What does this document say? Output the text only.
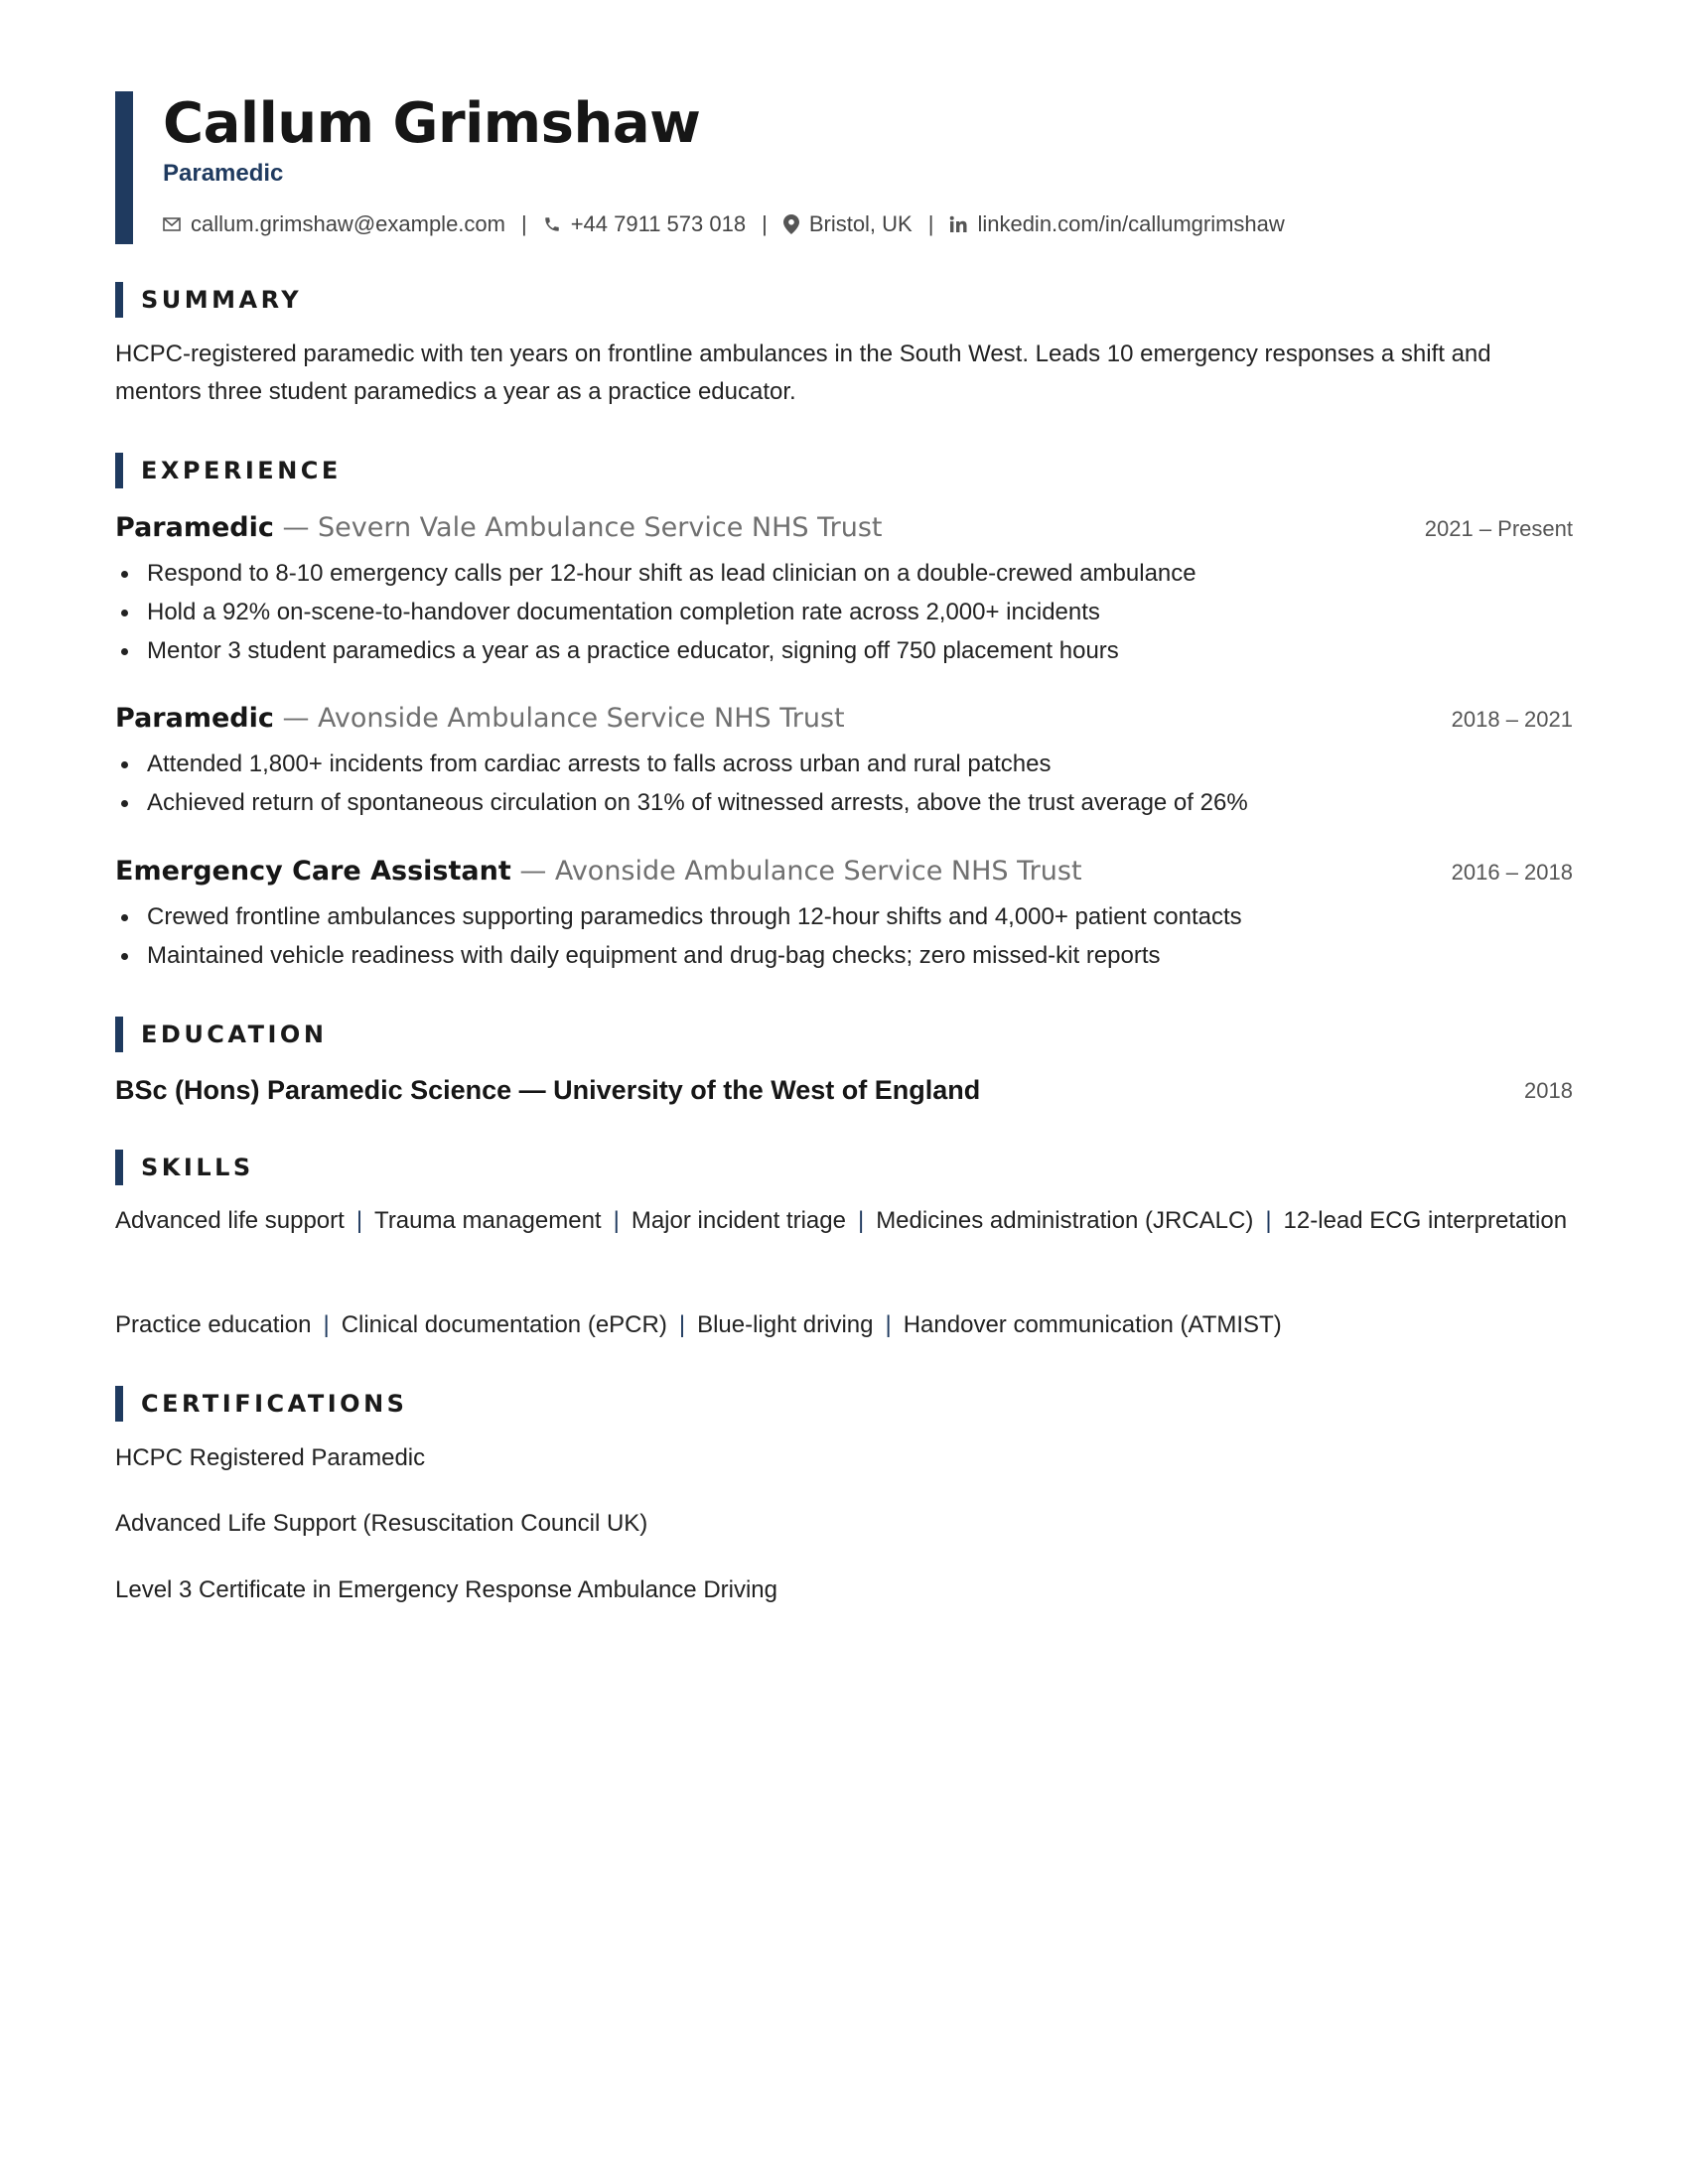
Callum Grimshaw
Paramedic
callum.grimshaw@example.com | +44 7911 573 018 | Bristol, UK | linkedin.com/in/callumgrimshaw
SUMMARY
HCPC-registered paramedic with ten years on frontline ambulances in the South West. Leads 10 emergency responses a shift and mentors three student paramedics a year as a practice educator.
EXPERIENCE
Paramedic — Severn Vale Ambulance Service NHS Trust	2021 – Present
Respond to 8-10 emergency calls per 12-hour shift as lead clinician on a double-crewed ambulance
Hold a 92% on-scene-to-handover documentation completion rate across 2,000+ incidents
Mentor 3 student paramedics a year as a practice educator, signing off 750 placement hours
Paramedic — Avonside Ambulance Service NHS Trust	2018 – 2021
Attended 1,800+ incidents from cardiac arrests to falls across urban and rural patches
Achieved return of spontaneous circulation on 31% of witnessed arrests, above the trust average of 26%
Emergency Care Assistant — Avonside Ambulance Service NHS Trust	2016 – 2018
Crewed frontline ambulances supporting paramedics through 12-hour shifts and 4,000+ patient contacts
Maintained vehicle readiness with daily equipment and drug-bag checks; zero missed-kit reports
EDUCATION
BSc (Hons) Paramedic Science — University of the West of England	2018
SKILLS
Advanced life support | Trauma management | Major incident triage | Medicines administration (JRCALC) | 12-lead ECG interpretation
Practice education | Clinical documentation (ePCR) | Blue-light driving | Handover communication (ATMIST)
CERTIFICATIONS
HCPC Registered Paramedic
Advanced Life Support (Resuscitation Council UK)
Level 3 Certificate in Emergency Response Ambulance Driving
